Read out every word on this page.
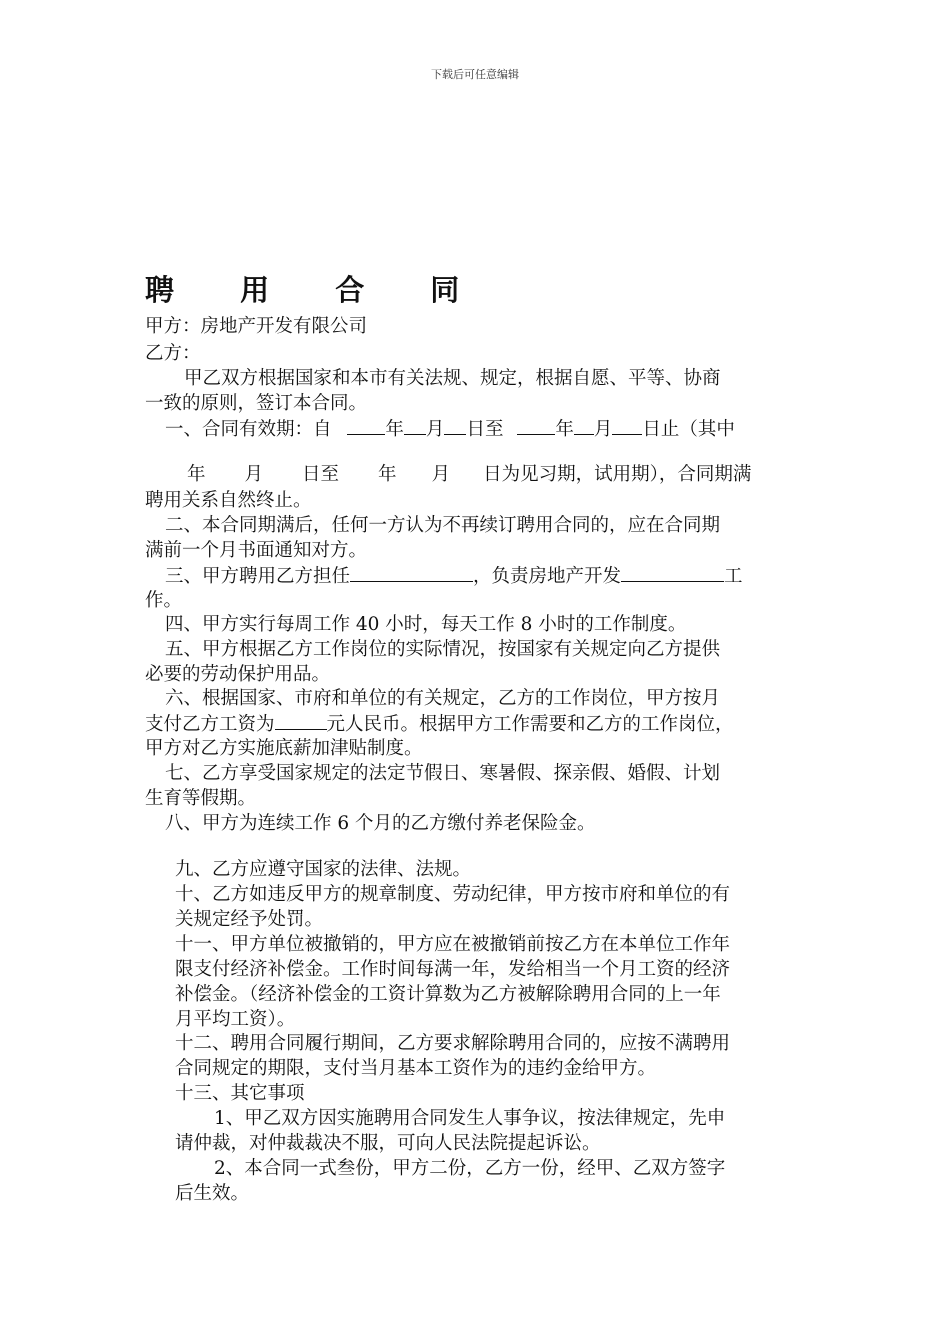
下载后可任意编辑
聘 用 合 同

甲方：房地产开发有限公司

乙方：

甲乙双方根据国家和本市有关法规、规定，根据自愿、平等、协商

一致的原则，签订本合同。

一、合同有效期：自	年 月 日至	年 月 日止（其中

年 月 日至 年 月 日为见习期，试用期），合同期满

聘用关系自然终止。

二、本合同期满后，任何一方认为不再续订聘用合同的，应在合同期

满前一个月书面通知对方。

三、甲方聘用乙方担任	，负责房地产开发	工

作。

四、甲方实行每周工作 40 小时，每天工作 8 小时的工作制度。

五、甲方根据乙方工作岗位的实际情况，按国家有关规定向乙方提供

必要的劳动保护用品。

六、根据国家、市府和单位的有关规定，乙方的工作岗位，甲方按月

支付乙方工资为	元人民币。根据甲方工作需要和乙方的工作岗位，

甲方对乙方实施底薪加津贴制度。

七、乙方享受国家规定的法定节假日、寒暑假、探亲假、婚假、计划

生育等假期。

八、甲方为连续工作 6 个月的乙方缴付养老保险金。

九、乙方应遵守国家的法律、法规。

十、乙方如违反甲方的规章制度、劳动纪律，甲方按市府和单位的有

关规定经予处罚。

十一、甲方单位被撤销的，甲方应在被撤销前按乙方在本单位工作年

限支付经济补偿金。工作时间每满一年，发给相当一个月工资的经济

补偿金。（经济补偿金的工资计算数为乙方被解除聘用合同的上一年

月平均工资）。

十二、聘用合同履行期间，乙方要求解除聘用合同的，应按不满聘用

合同规定的期限，支付当月基本工资作为的违约金给甲方。

十三、其它事项

1、甲乙双方因实施聘用合同发生人事争议，按法律规定，先申

请仲裁，对仲裁裁决不服，可向人民法院提起诉讼。

2、本合同一式叁份，甲方二份，乙方一份，经甲、乙双方签字

后生效。
